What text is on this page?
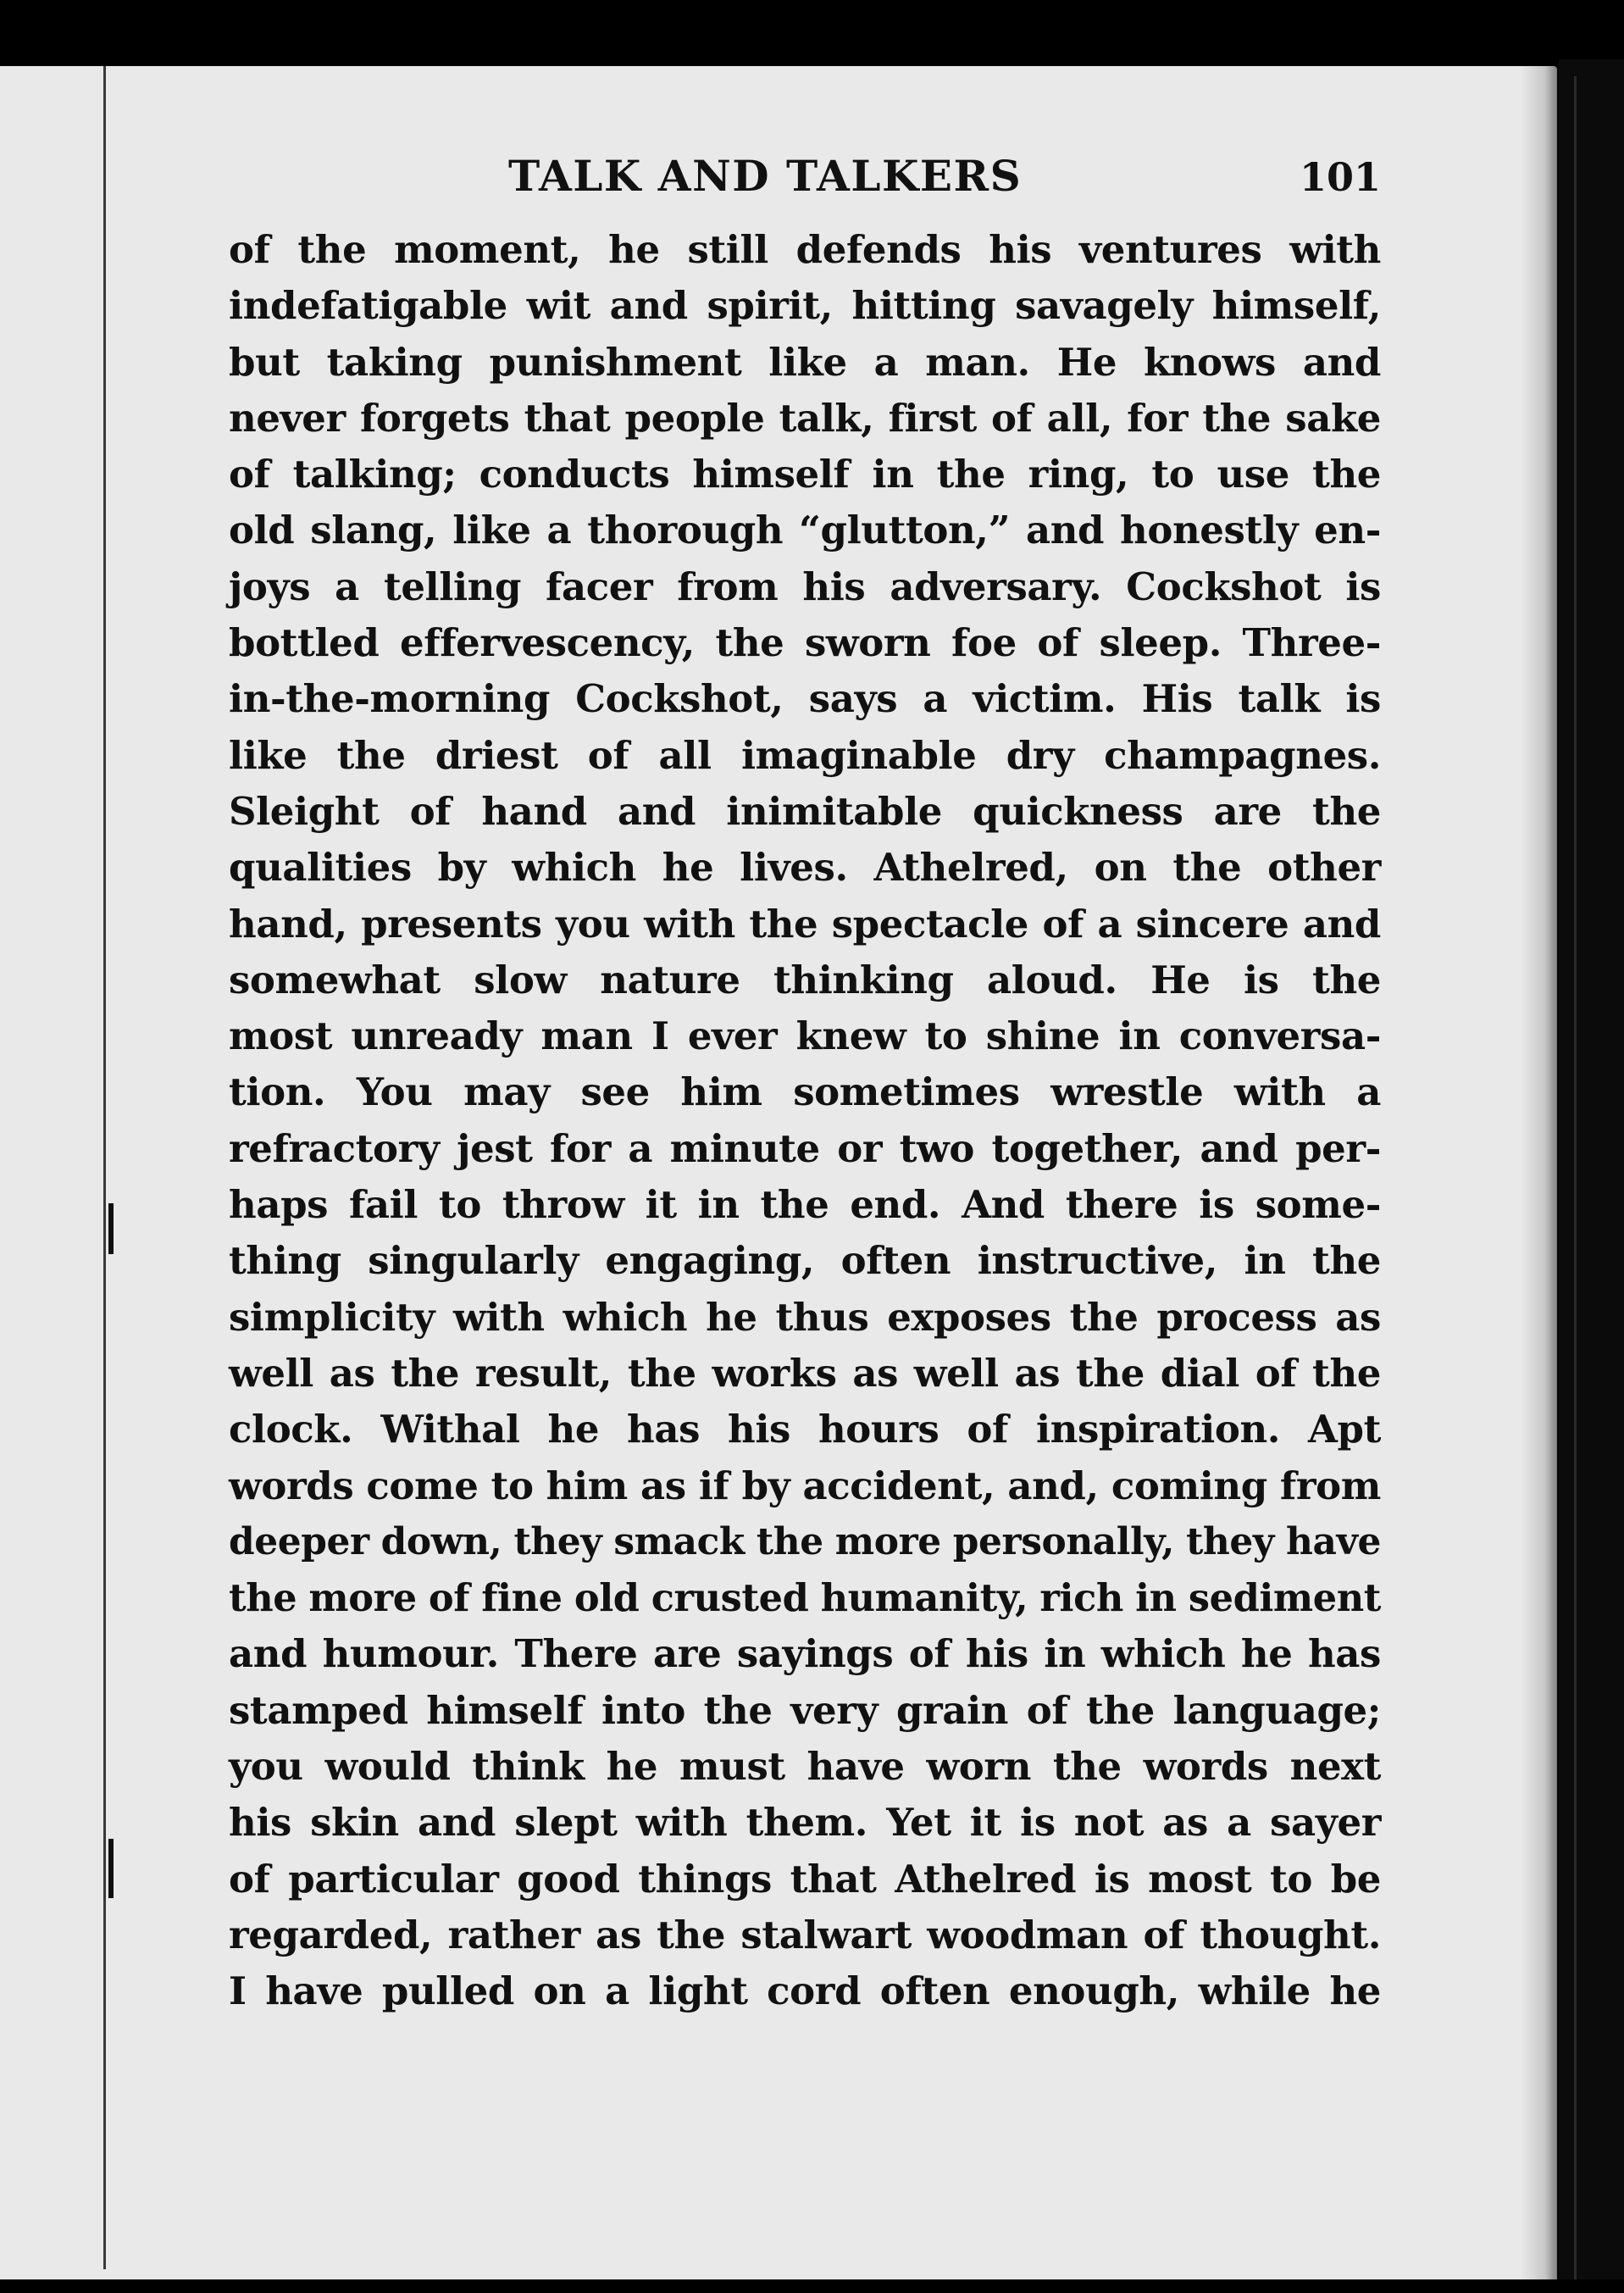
TALK AND TALKERS	101
of the moment, he still defends his ventures with
indefatigable wit and spirit, hitting savagely himself,
but taking punishment like a man. He knows and
never forgets that people talk, first of all, for the sake
of talking; conducts himself in the ring, to use the
old slang, like a thorough “glutton,” and honestly en-
joys a telling facer from his adversary. Cockshot is
bottled effervescency, the sworn foe of sleep. Three-
in-the-morning Cockshot, says a victim. His talk is
like the driest of all imaginable dry champagnes.
Sleight of hand and inimitable quickness are the
qualities by which he lives. Athelred, on the other
hand, presents you with the spectacle of a sincere and
somewhat slow nature thinking aloud. He is the
most unready man I ever knew to shine in conversa-
tion. You may see him sometimes wrestle with a
refractory jest for a minute or two together, and per-
haps fail to throw it in the end. And there is some-
thing singularly engaging, often instructive, in the
simplicity with which he thus exposes the process as
well as the result, the works as well as the dial of the
clock. Withal he has his hours of inspiration. Apt
words come to him as if by accident, and, coming from
deeper down, they smack the more personally, they have
the more of fine old crusted humanity, rich in sediment
and humour. There are sayings of his in which he has
stamped himself into the very grain of the language;
you would think he must have worn the words next
his skin and slept with them. Yet it is not as a sayer
of particular good things that Athelred is most to be
regarded, rather as the stalwart woodman of thought.
I have pulled on a light cord often enough, while he
